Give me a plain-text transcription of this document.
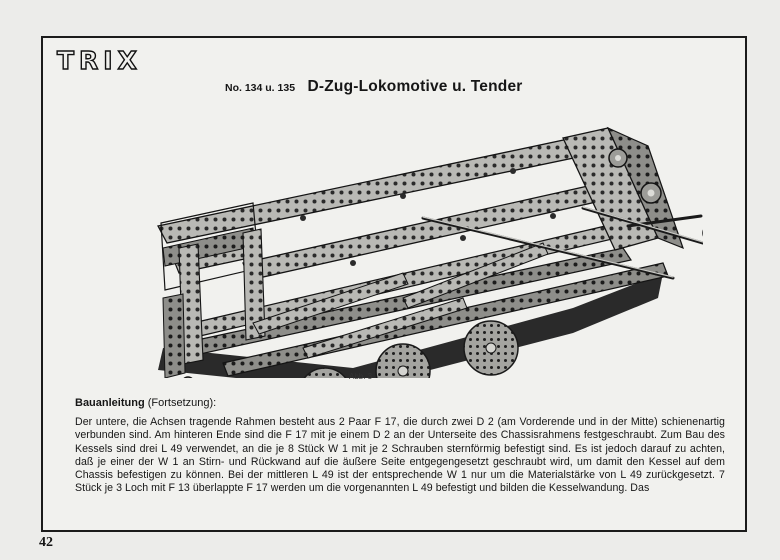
TRIX
No. 134 u. 135 D-Zug-Lokomotive u. Tender
Abb. 3
Bauanleitung (Fortsetzung):
Der untere, die Achsen tragende Rahmen besteht aus 2 Paar F 17, die durch zwei D 2 (am Vorderende und in der Mitte) schienenartig verbunden sind. Am hinteren Ende sind die F 17 mit je einem D 2 an der Unterseite des Chassisrahmens festgeschraubt. Zum Bau des Kessels sind drei L 49 verwendet, an die je 8 Stück W 1 mit je 2 Schrauben sternförmig befestigt sind. Es ist jedoch darauf zu achten, daß je einer der W 1 an Stirn- und Rückwand auf die äußere Seite entgegengesetzt geschraubt wird, um damit den Kessel auf dem Chassis befestigen zu können. Bei der mittleren L 49 ist der entsprechende W 1 nur um die Materialstärke von L 49 zurückgesetzt. 7 Stück je 3 Loch mit F 13 überlappte F 17 werden um die vorgenannten L 49 befestigt und bilden die Kesselwandung. Das
42
